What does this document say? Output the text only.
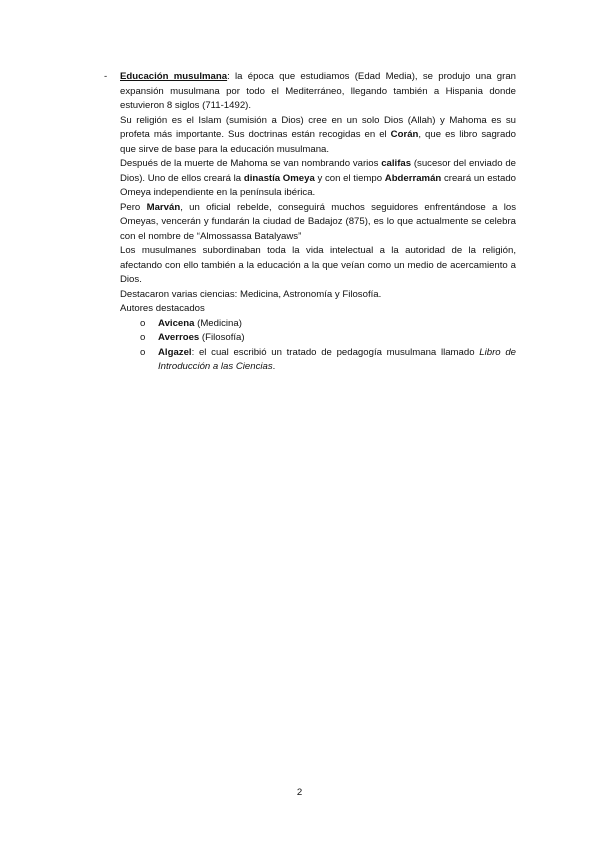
- Educación musulmana: la época que estudiamos (Edad Media), se produjo una gran expansión musulmana por todo el Mediterráneo, llegando también a Hispania donde estuvieron 8 siglos (711-1492).

Su religión es el Islam (sumisión a Dios) cree en un solo Dios (Allah) y Mahoma es su profeta más importante. Sus doctrinas están recogidas en el Corán, que es libro sagrado que sirve de base para la educación musulmana.

Después de la muerte de Mahoma se van nombrando varios califas (sucesor del enviado de Dios). Uno de ellos creará la dinastía Omeya y con el tiempo Abderramán creará un estado Omeya independiente en la península ibérica.

Pero Marván, un oficial rebelde, conseguirá muchos seguidores enfrentándose a los Omeyas, vencerán y fundarán la ciudad de Badajoz (875), es lo que actualmente se celebra con el nombre de “Almossassa Batalyaws”

Los musulmanes subordinaban toda la vida intelectual a la autoridad de la religión, afectando con ello también a la educación a la que veían como un medio de acercamiento a Dios.

Destacaron varias ciencias: Medicina, Astronomía y Filosofía.

Autores destacados

o Avicena (Medicina)
o Averroes (Filosofía)
o Algazel: el cual escribió un tratado de pedagogía musulmana llamado Libro de Introducción a las Ciencias.
2
